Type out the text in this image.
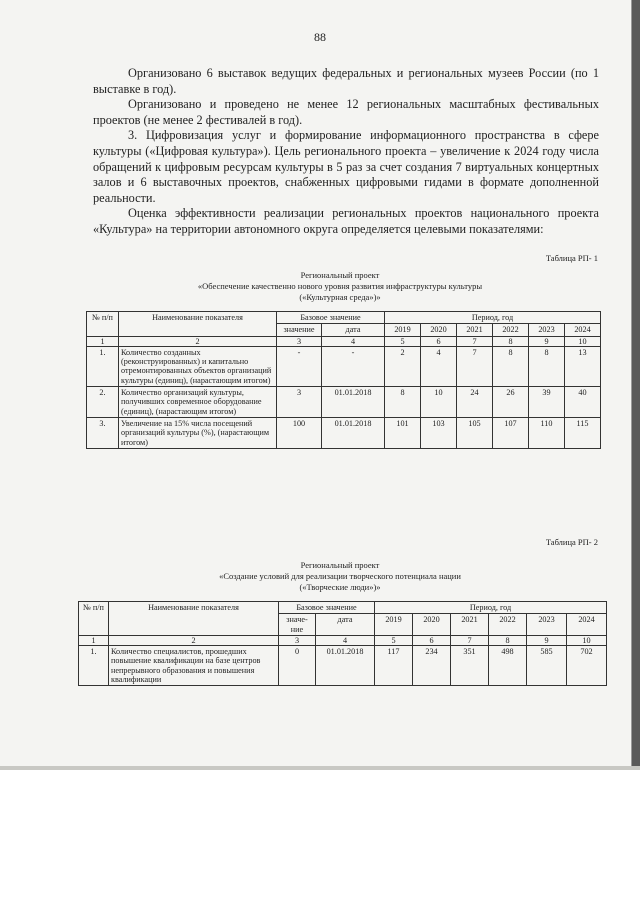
88

Организовано 6 выставок ведущих федеральных и региональных музеев России (по 1 выставке в год).

Организовано и проведено не менее 12 региональных масштабных фестивальных проектов (не менее 2 фестивалей в год).

3. Цифровизация услуг и формирование информационного пространства в сфере культуры («Цифровая культура»). Цель регионального проекта – увеличение к 2024 году числа обращений к цифровым ресурсам культуры в 5 раз за счет создания 7 виртуальных концертных залов и 6 выставочных проектов, снабженных цифровыми гидами в формате дополненной реальности.

Оценка эффективности реализации региональных проектов национального проекта «Культура» на территории автономного округа определяется целевыми показателями:

Таблица РП- 1
Региональный проект
«Обеспечение качественно нового уровня развития инфраструктуры культуры
(«Культурная среда»)»
№ п/п	Наименование показателя	Базовое значение		Период, год					
		значение	дата	2019	2020	2021	2022	2023	2024
1	2	3	4	5	6	7	8	9	10
1.	Количество созданных (реконструированных) и капитально отремонтированных объектов организаций культуры (единиц), (нарастающим итогом)	-	-	2	4	7	8	8	13
2.	Количество организаций культуры, получивших современное оборудование (единиц), (нарастающим итогом)	3	01.01.2018	8	10	24	26	39	40
3.	Увеличение на 15% числа посещений организаций культуры (%), (нарастающим итогом)	100	01.01.2018	101	103	105	107	110	115
Таблица РП- 2
Региональный проект
«Создание условий для реализации творческого потенциала нации
(«Творческие люди»)»
№ п/п	Наименование показателя	Базовое значение		Период, год					
		значе- ние	дата	2019	2020	2021	2022	2023	2024
1	2	3	4	5	6	7	8	9	10
1.	Количество специалистов, прошедших повышение квалификации на базе центров непрерывного образования и повышения квалификации	0	01.01.2018	117	234	351	498	585	702
